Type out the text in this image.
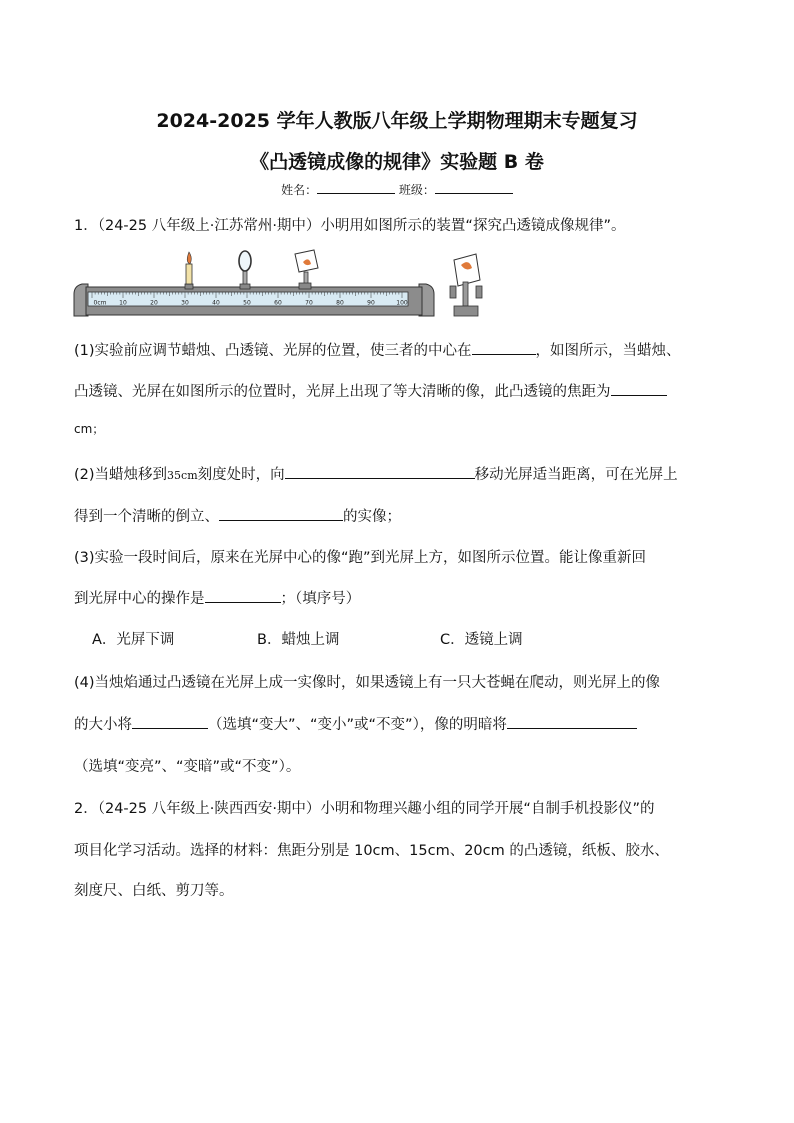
2024-2025 学年人教版八年级上学期物理期末专题复习
《凸透镜成像的规律》实验题 B 卷
姓名：	班级：
1．（24-25 八年级上·江苏常州·期中）小明用如图所示的装置“探究凸透镜成像规律”。
0cm 10	20	30	40	50	60	70	80	90	100
(1)实验前应调节蜡烛、凸透镜、光屏的位置，使三者的中心在	，如图所示，当蜡烛、
凸透镜、光屏在如图所示的位置时，光屏上出现了等大清晰的像，此凸透镜的焦距为
cm；
(2)当蜡烛移到35cm刻度处时，向	移动光屏适当距离，可在光屏上
得到一个清晰的倒立、	的实像；
(3)实验一段时间后，原来在光屏中心的像“跑”到光屏上方，如图所示位置。能让像重新回
到光屏中心的操作是	；（填序号）
A．光屏下调	B．蜡烛上调	C．透镜上调
(4)当烛焰通过凸透镜在光屏上成一实像时，如果透镜上有一只大苍蝇在爬动，则光屏上的像
的大小将	（选填“变大”、“变小”或“不变”），像的明暗将
（选填“变亮”、“变暗”或“不变”）。
2．（24-25 八年级上·陕西西安·期中）小明和物理兴趣小组的同学开展“自制手机投影仪”的
项目化学习活动。选择的材料：焦距分别是 10cm、15cm、20cm 的凸透镜，纸板、胶水、
刻度尺、白纸、剪刀等。
